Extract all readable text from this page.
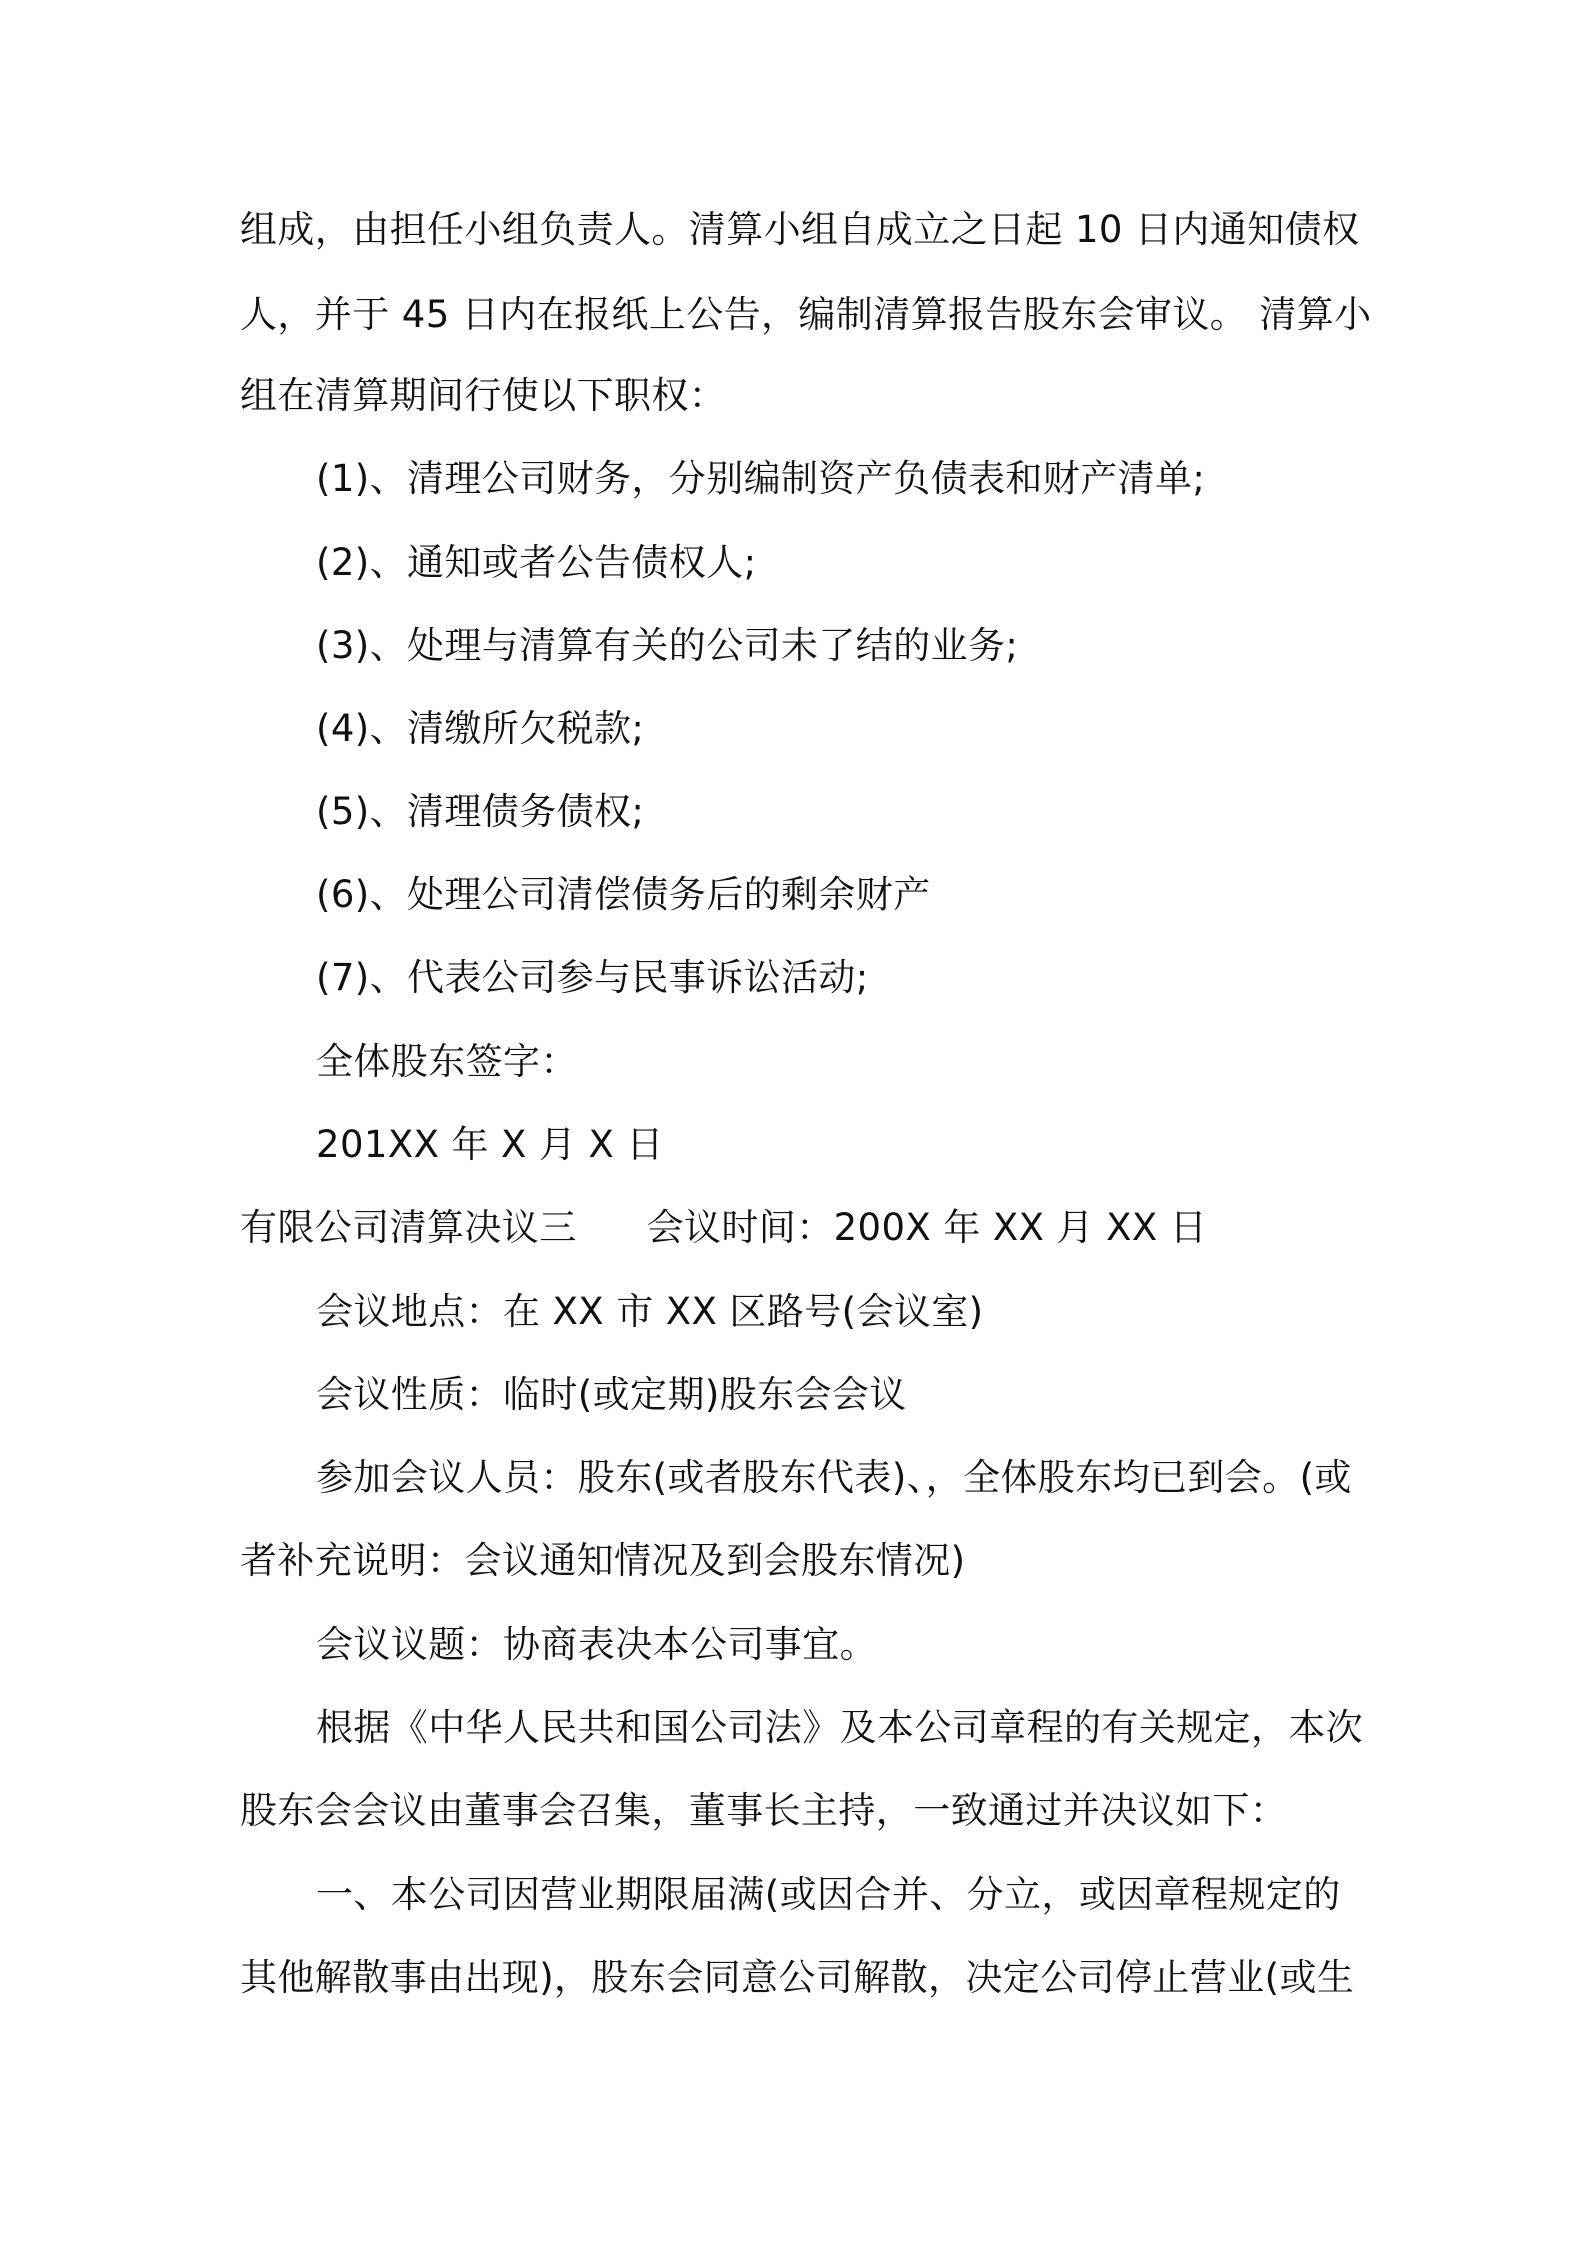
组成，由担任小组负责人。清算小组自成立之日起 10 日内通知债权
人，并于 45 日内在报纸上公告，编制清算报告股东会审议。 清算小
组在清算期间行使以下职权：
(1)、清理公司财务，分别编制资产负债表和财产清单;
(2)、通知或者公告债权人;
(3)、处理与清算有关的公司未了结的业务;
(4)、清缴所欠税款;
(5)、清理债务债权;
(6)、处理公司清偿债务后的剩余财产
(7)、代表公司参与民事诉讼活动;
全体股东签字：
201XX 年 X 月 X 日
有限公司清算决议三 会议时间：200X 年 XX 月 XX 日
会议地点：在 XX 市 XX 区路号(会议室)
会议性质：临时(或定期)股东会会议
参加会议人员：股东(或者股东代表)、，全体股东均已到会。(或
者补充说明：会议通知情况及到会股东情况)
会议议题：协商表决本公司事宜。
根据《中华人民共和国公司法》及本公司章程的有关规定，本次
股东会会议由董事会召集，董事长主持，一致通过并决议如下：
一、本公司因营业期限届满(或因合并、分立，或因章程规定的
其他解散事由出现)，股东会同意公司解散，决定公司停止营业(或生
